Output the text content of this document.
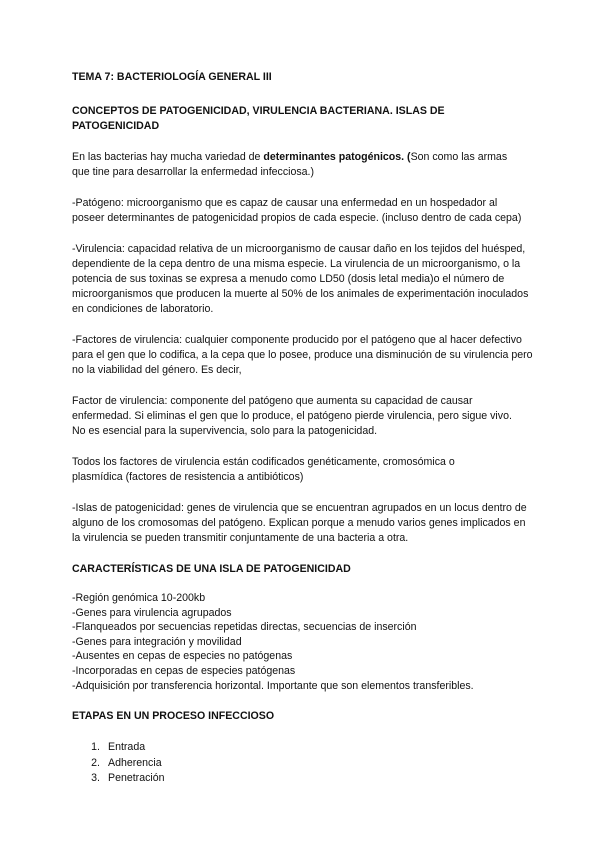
TEMA 7: BACTERIOLOGÍA GENERAL III
CONCEPTOS DE PATOGENICIDAD, VIRULENCIA BACTERIANA. ISLAS DE PATOGENICIDAD

En las bacterias hay mucha variedad de determinantes patogénicos. (Son como las armas que tine para desarrollar la enfermedad infecciosa.)

-Patógeno: microorganismo que es capaz de causar una enfermedad en un hospedador al poseer determinantes de patogenicidad propios de cada especie. (incluso dentro de cada cepa)

-Virulencia: capacidad relativa de un microorganismo de causar daño en los tejidos del huésped, dependiente de la cepa dentro de una misma especie. La virulencia de un microorganismo, o la potencia de sus toxinas se expresa a menudo como LD50 (dosis letal media)o el número de microorganismos que producen la muerte al 50% de los animales de experimentación inoculados en condiciones de laboratorio.

-Factores de virulencia: cualquier componente producido por el patógeno que al hacer defectivo para el gen que lo codifica, a la cepa que lo posee, produce una disminución de su virulencia pero no la viabilidad del género. Es decir,

Factor de virulencia: componente del patógeno que aumenta su capacidad de causar enfermedad. Si eliminas el gen que lo produce, el patógeno pierde virulencia, pero sigue vivo. No es esencial para la supervivencia, solo para la patogenicidad.

Todos los factores de virulencia están codificados genéticamente, cromosómica o plasmídica (factores de resistencia a antibióticos)

-Islas de patogenicidad: genes de virulencia que se encuentran agrupados en un locus dentro de alguno de los cromosomas del patógeno. Explican porque a menudo varios genes implicados en la virulencia se pueden transmitir conjuntamente de una bacteria a otra.

CARACTERÍSTICAS DE UNA ISLA DE PATOGENICIDAD
-Región genómica 10-200kb
-Genes para virulencia agrupados
-Flanqueados por secuencias repetidas directas, secuencias de inserción
-Genes para integración y movilidad
-Ausentes en cepas de especies no patógenas
-Incorporadas en cepas de especies patógenas
-Adquisición por transferencia horizontal. Importante que son elementos transferibles.
ETAPAS EN UN PROCESO INFECCIOSO
1. Entrada
2. Adherencia
3. Penetración
